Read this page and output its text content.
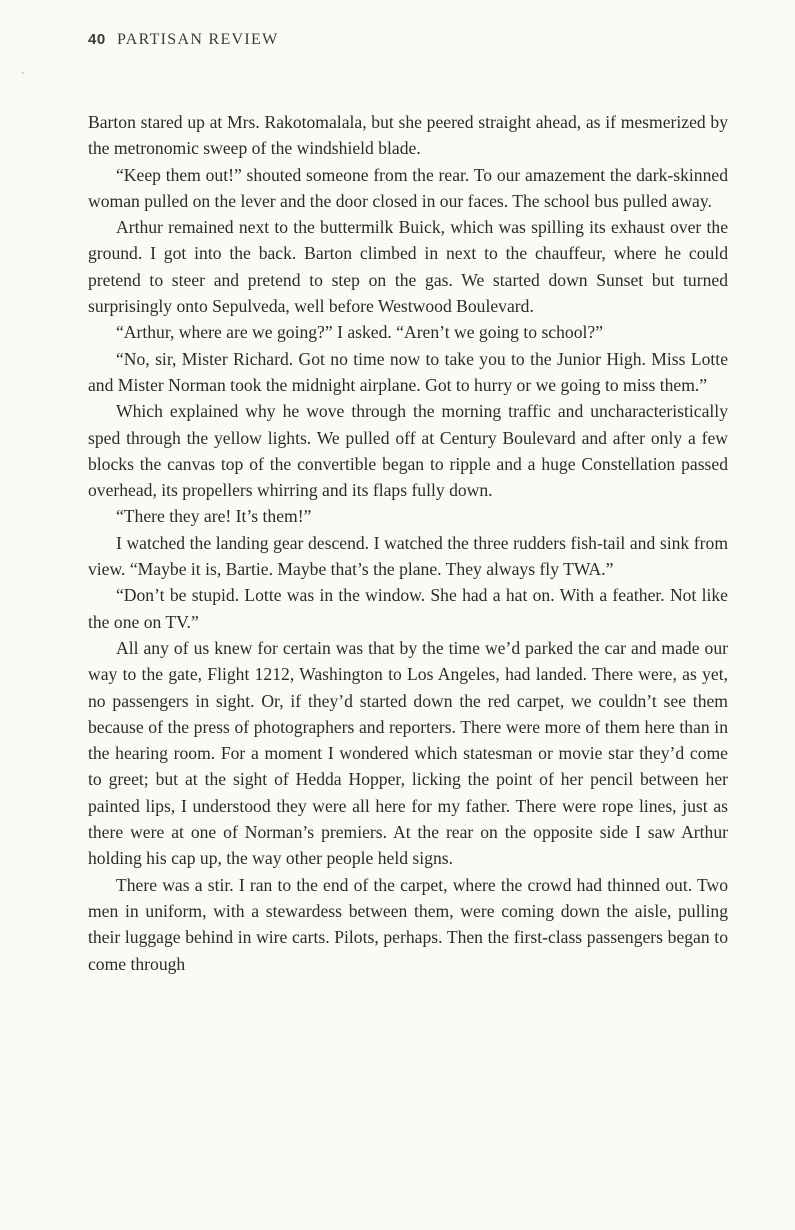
40 PARTISAN REVIEW

Barton stared up at Mrs. Rakotomalala, but she peered straight ahead, as if mesmerized by the metronomic sweep of the windshield blade.

“Keep them out!” shouted someone from the rear. To our amazement the dark-skinned woman pulled on the lever and the door closed in our faces. The school bus pulled away.

Arthur remained next to the buttermilk Buick, which was spilling its exhaust over the ground. I got into the back. Barton climbed in next to the chauffeur, where he could pretend to steer and pretend to step on the gas. We started down Sunset but turned surprisingly onto Sepulveda, well before Westwood Boulevard.

“Arthur, where are we going?” I asked. “Aren’t we going to school?”

“No, sir, Mister Richard. Got no time now to take you to the Junior High. Miss Lotte and Mister Norman took the midnight airplane. Got to hurry or we going to miss them.”

Which explained why he wove through the morning traffic and uncharacteristically sped through the yellow lights. We pulled off at Century Boulevard and after only a few blocks the canvas top of the convertible began to ripple and a huge Constellation passed overhead, its propellers whirring and its flaps fully down.

“There they are! It’s them!”

I watched the landing gear descend. I watched the three rudders fish-tail and sink from view. “Maybe it is, Bartie. Maybe that’s the plane. They always fly TWA.”

“Don’t be stupid. Lotte was in the window. She had a hat on. With a feather. Not like the one on TV.”

All any of us knew for certain was that by the time we’d parked the car and made our way to the gate, Flight 1212, Washington to Los Angeles, had landed. There were, as yet, no passengers in sight. Or, if they’d started down the red carpet, we couldn’t see them because of the press of photographers and reporters. There were more of them here than in the hearing room. For a moment I wondered which statesman or movie star they’d come to greet; but at the sight of Hedda Hopper, licking the point of her pencil between her painted lips, I understood they were all here for my father. There were rope lines, just as there were at one of Norman’s premiers. At the rear on the opposite side I saw Arthur holding his cap up, the way other people held signs.

There was a stir. I ran to the end of the carpet, where the crowd had thinned out. Two men in uniform, with a stewardess between them, were coming down the aisle, pulling their luggage behind in wire carts. Pilots, perhaps. Then the first-class passengers began to come through
